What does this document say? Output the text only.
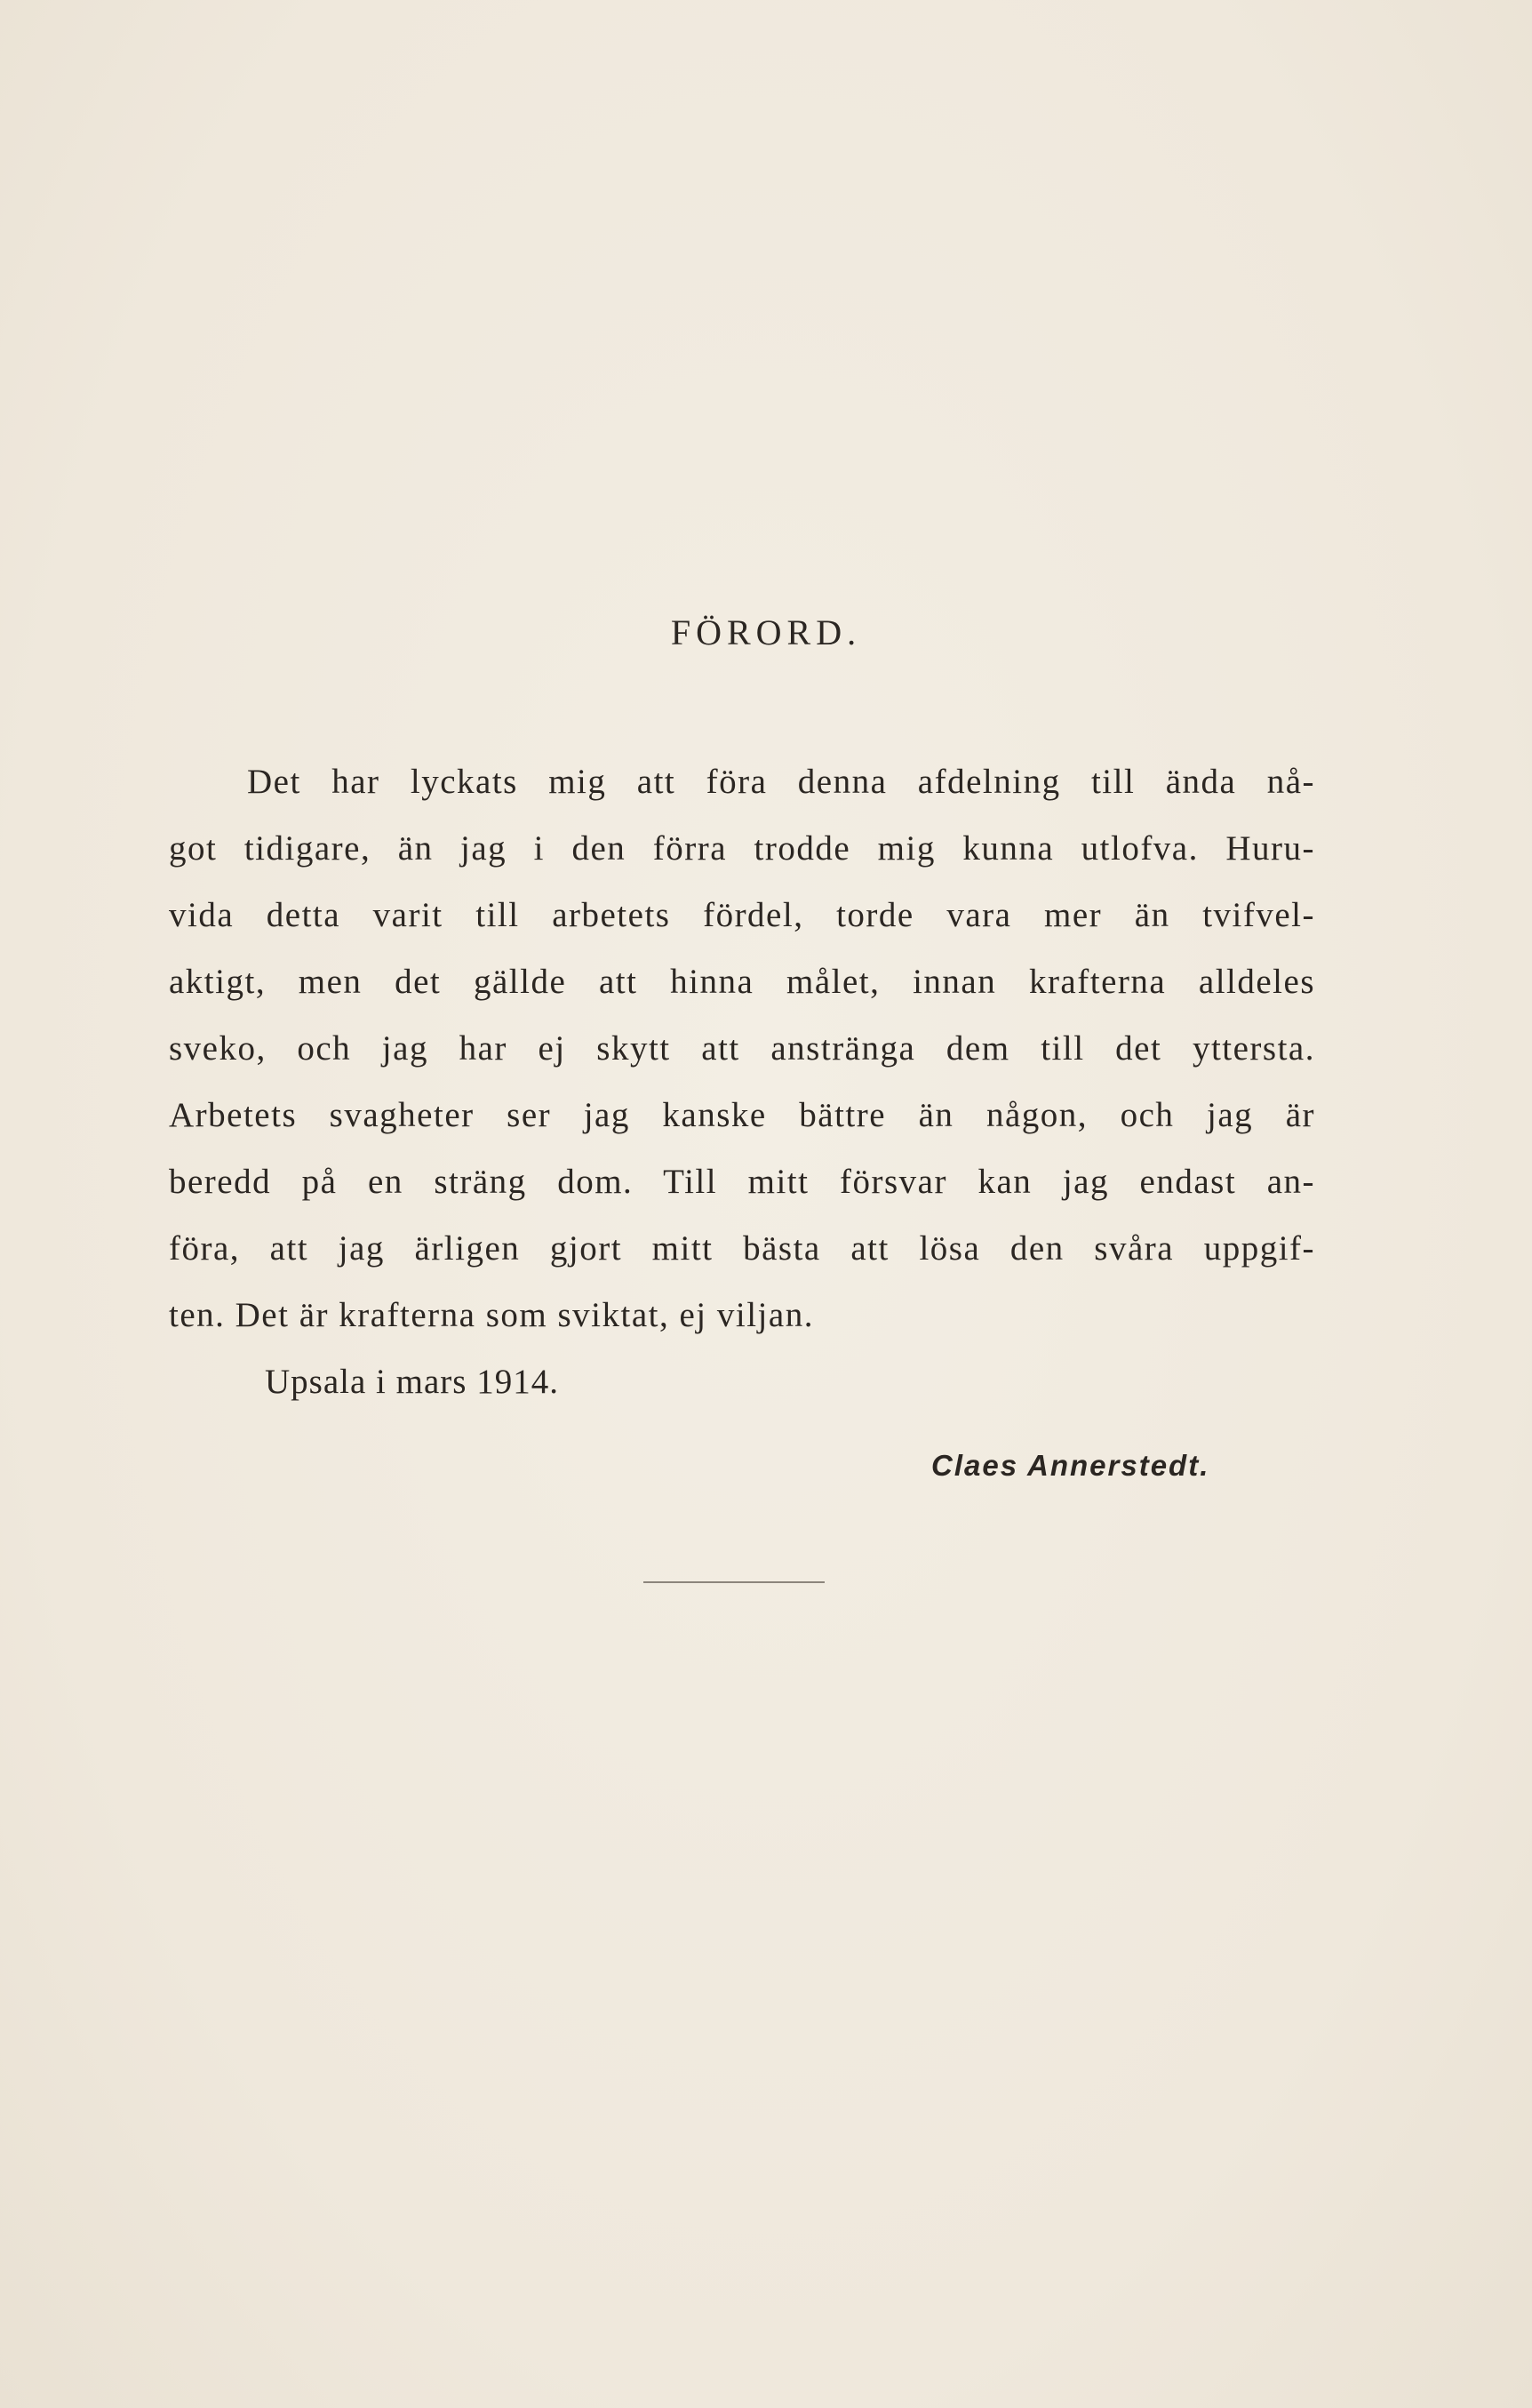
FÖRORD.
Det har lyckats mig att föra denna afdelning till ända nå-
got tidigare, än jag i den förra trodde mig kunna utlofva. Huru-
vida detta varit till arbetets fördel, torde vara mer än tvifvel-
aktigt, men det gällde att hinna målet, innan krafterna alldeles
sveko, och jag har ej skytt att anstränga dem till det yttersta.
Arbetets svagheter ser jag kanske bättre än någon, och jag är
beredd på en sträng dom. Till mitt försvar kan jag endast an-
föra, att jag ärligen gjort mitt bästa att lösa den svåra uppgif-
ten. Det är krafterna som sviktat, ej viljan.

Upsala i mars 1914.

Claes Annerstedt.
